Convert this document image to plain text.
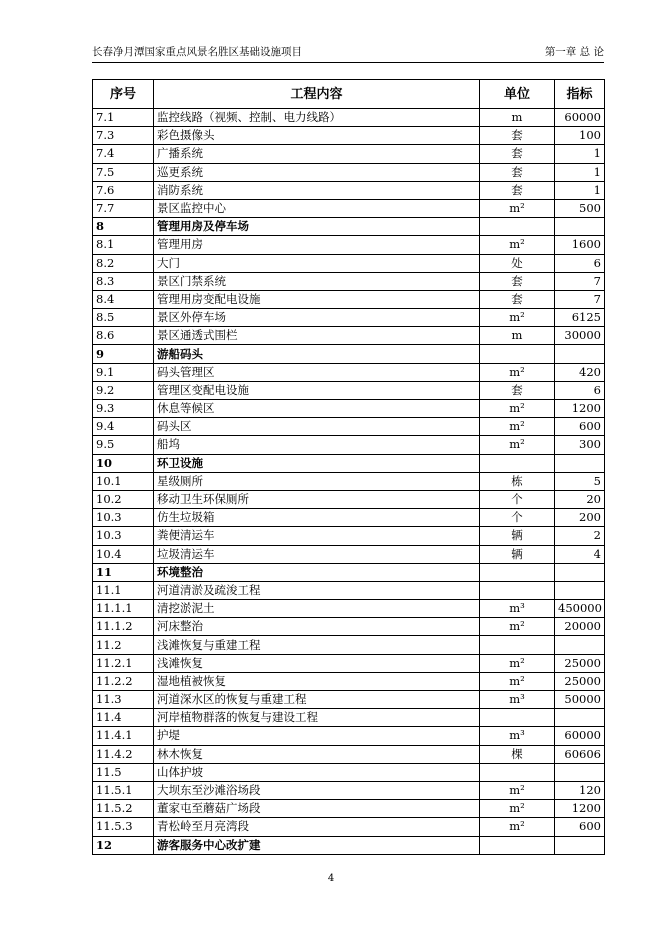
长春净月潭国家重点风景名胜区基础设施项目	第一章 总 论
序号	工程内容	单位	指标
7.1	监控线路（视频、控制、电力线路）	m	60000
7.3	彩色摄像头	套	100
7.4	广播系统	套	1
7.5	巡更系统	套	1
7.6	消防系统	套	1
7.7	景区监控中心	m²	500
8	管理用房及停车场		
8.1	管理用房	m²	1600
8.2	大门	处	6
8.3	景区门禁系统	套	7
8.4	管理用房变配电设施	套	7
8.5	景区外停车场	m²	6125
8.6	景区通透式围栏	m	30000
9	游船码头		
9.1	码头管理区	m²	420
9.2	管理区变配电设施	套	6
9.3	休息等候区	m²	1200
9.4	码头区	m²	600
9.5	船坞	m²	300
10	环卫设施		
10.1	星级厕所	栋	5
10.2	移动卫生环保厕所	个	20
10.3	仿生垃圾箱	个	200
10.3	粪便清运车	辆	2
10.4	垃圾清运车	辆	4
11	环境整治		
11.1	河道清淤及疏浚工程		
11.1.1	清挖淤泥土	m³	450000
11.1.2	河床整治	m²	20000
11.2	浅滩恢复与重建工程		
11.2.1	浅滩恢复	m²	25000
11.2.2	湿地植被恢复	m²	25000
11.3	河道深水区的恢复与重建工程	m³	50000
11.4	河岸植物群落的恢复与建设工程		
11.4.1	护堤	m³	60000
11.4.2	林木恢复	棵	60606
11.5	山体护坡		
11.5.1	大坝东至沙滩浴场段	m²	120
11.5.2	董家屯至蘑菇广场段	m²	1200
11.5.3	青松岭至月亮湾段	m²	600
12	游客服务中心改扩建		
4
